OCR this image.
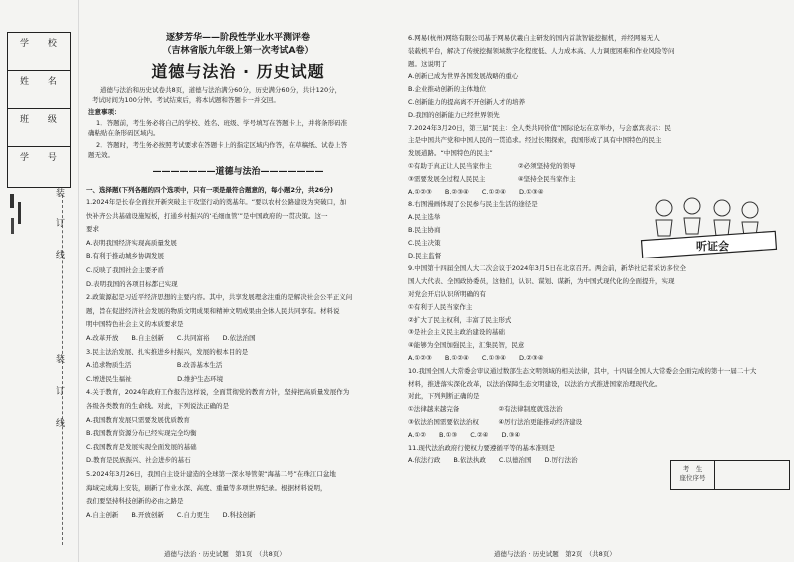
学 校
姓 名
班 级
学 号
装
订
线
装
订
线
逐梦芳华——阶段性学业水平测评卷
（吉林省版九年级上第一次考试A卷）
道德与法治 · 历史试题
道德与法治和历史试卷共8页，道德与法治满分60分，历史满分60分，共计120分，
考试时间为100分钟。考试结束后，将本试题和答题卡一并交回。
注意事项：
1．答题前，考生务必将自己的学校、姓名、班级、学号填写在答题卡上，并将条形码准
确粘贴在条形码区域内。
2．答题时，考生务必按照考试要求在答题卡上的指定区域内作答，在草稿纸、试卷上答
题无效。
———————道德与法治———————
一、选择题(下列各题的四个选项中，只有一项是最符合题意的，每小题2分，共26分)
1.2024年是长春全面拉开新突破主干攻坚行动的奠基年。“要以农村公路建设为突破口，加
快补齐公共基础设施短板，打通乡村振兴的‘毛细血管’”是中国政府的一贯决策。这一
要求
A.表明我国经济实现高质量发展
B.有利于推动城乡协调发展
C.反映了我国社会主要矛盾
D.表明我国的各项目标都已实现
2.政策源起是习近平经济思想的主要内容。其中，共享发展理念注重的是解决社会公平正义问
题，旨在促进经济社会发展的物质文明成果和精神文明成果由全体人民共同享有。材料说
明中国特色社会主义的本质要求是
A.改革开放　　B.自主创新　　C.共同富裕　　D.依法治国
3.民主法治发展、扎实推进乡村振兴，发展的根本目的是
A.追求物质生活　　　　　　　B.改善基本生活
C.增进民生福祉　　　　　　　D.维护生态环境
4.关于教育，2024年政府工作报告这样说，全面贯彻党的教育方针，坚持把高质量发展作为
各级各类教育的生命线。对此，下列说法正确的是
A.我国教育发展只需要发展优质教育
B.我国教育资源分布已经实现完全均衡
C.我国教育是发展实现全面发展的基础
D.教育是民族振兴、社会进步的基石
5.2024年3月26日，我国自主设计建造的全球第一深水导管架“海基二号”在珠江口盆地
海域完成海上安装，刷新了作业水深、高度、重量等多项世界纪录。根据材料说明，
我们要坚持科技创新的必由之路是
A.自主创新　　B.开放创新　　C.自力更生　　D.科技创新
道德与法治 · 历史试题　第1页　（共8页）
6.网易(杭州)网络有限公司基于网易伏羲自主研发的国内首款智能挖掘机，并经网易无人
装载机平台，解决了传统挖掘领域数字化程度低、人力成本高、人力调度困难和作业风险等问
题。这说明了
A.创新已成为世界各国发展战略的重心
B.企业推动创新的主体地位
C.创新能力的提高离不开创新人才的培养
D.我国的创新能力已经世界领先
7.2024年3月20日，第三届“民主：全人类共同价值”国际论坛在京举办，与会嘉宾表示：民
主是中国共产党和中国人民的一贯追求。经过长期探索，我国形成了具有中国特色的民主
发展道路。“中国特色的民主”
①有助于真正让人民当家作主　　　　②必须坚持党的领导
③需要发展全过程人民民主　　　　　④坚持全民当家作主
A.①②③　　B.②③④　　C.①②④　　D.①③④
8.右图漫画体现了公民参与民主生活的途径是
A.民主选举
B.民主协商
C.民主决策
D.民主监督
9.中国第十四届全国人大二次会议于2024年3月5日在北京召开。两会前，新华社记者采访多位全
国人大代表、全国政协委员，这他们，认识、谋划、谋新，为中国式现代化的全面提升，实现
对党会开启认识所明确的有
①有利于人民当家作主
②扩大了民主权利，丰富了民主形式
③是社会主义民主政治建设的基础
④能够为全国加强民主，汇集民智，民意
A.①②③　　B.①②④　　C.①③④　　D.②③④
10.我国全国人大常委会审议通过数部生态文明领域的相关法律，其中，十四届全国人大常委会全面完成的第十一届二十大
材料，推进落实深化改革，以法治保障生态文明建设，以法治方式推进国家治理现代化。
对此，下列判断正确的是
①法律越来越完备　　　　　　②有法律制度就选法治
③依法治国需要依法治权　　　④厉行法治更能推动经济建设
A.①②　　B.①③　　C.②④　　D.③④
11.现代法治政府行使权力要遵循平等的基本准则是
A.依法行政　　B.依法执政　　C.以德治国　　D.厉行法治
听证会
考　生
座位序号
道德与法治 · 历史试题　第2页　（共8页）
